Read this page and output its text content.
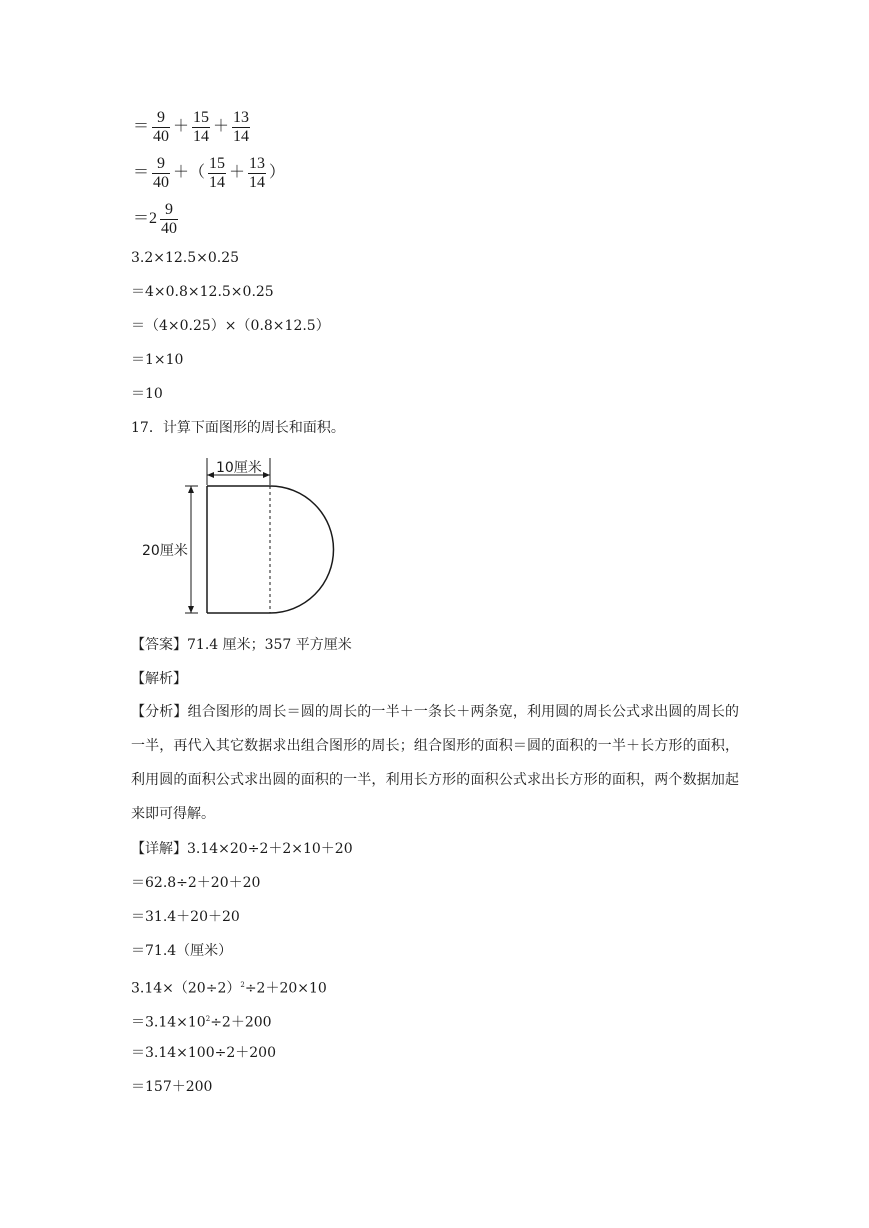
＝ $\frac{9}{40} + \frac{15}{14} + \frac{13}{14}$
＝ $\frac{9}{40}$ ＋（ $\frac{15}{14} + \frac{13}{14}$ ）
$=2 \frac{9}{40}$
3.2×12.5×0.25
＝4×0.8×12.5×0.25
＝（4×0.25）×（0.8×12.5）
＝1×10
＝10
17．计算下面图形的周长和面积。
10厘米
20厘米
【答案】71.4 厘米；357 平方厘米
【解析】
【分析】组合图形的周长＝圆的周长的一半＋一条长＋两条宽，利用圆的周长公式求出圆的周长的一半，再代入其它数据求出组合图形的周长；组合图形的面积＝圆的面积的一半＋长方形的面积，利用圆的面积公式求出圆的面积的一半，利用长方形的面积公式求出长方形的面积，两个数据加起来即可得解。
【详解】3.14×20÷2＋2×10＋20
＝62.8÷2＋20＋20
＝31.4＋20＋20
＝71.4（厘米）
$3.14\times(20\div 2)^2\div 2+20\times 10$
$=3.14\times 10^2\div 2+200$
＝3.14×100÷2＋200
＝157＋200
